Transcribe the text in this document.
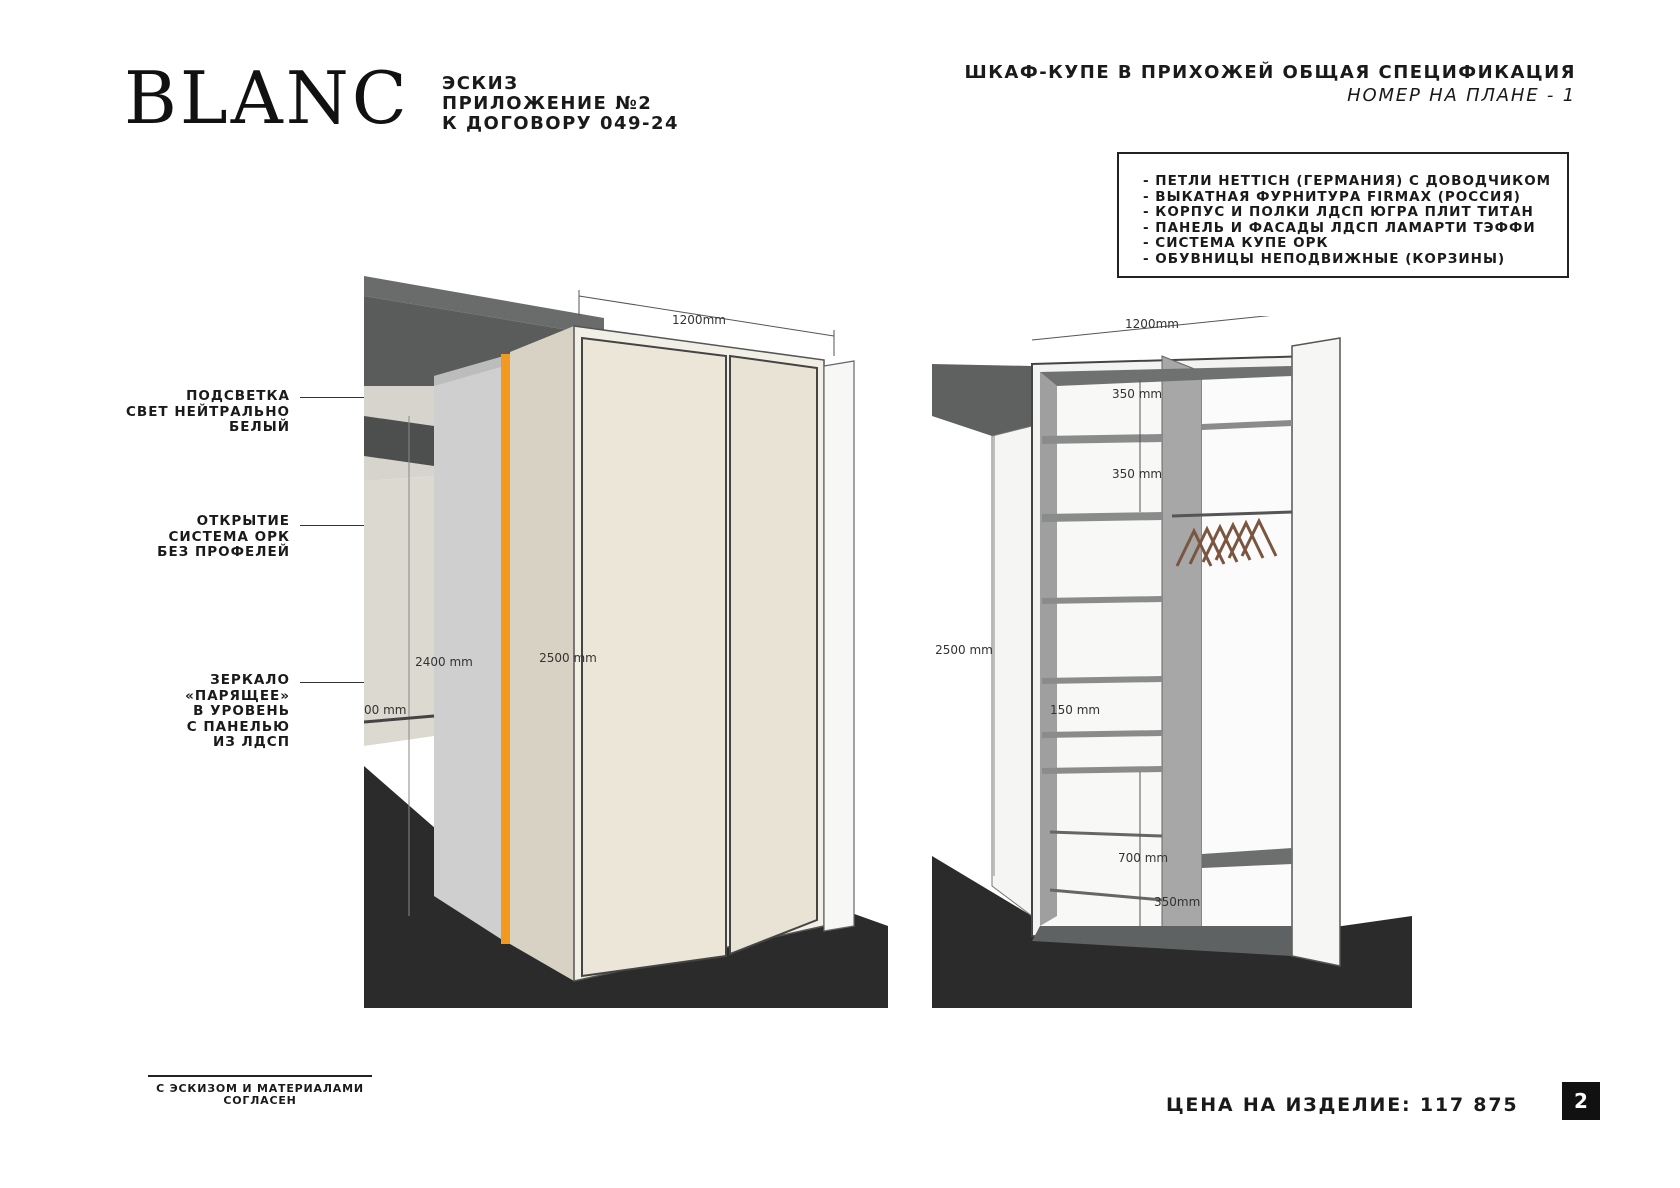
BLANC ЭСКИЗ
ПРИЛОЖЕНИЕ №2
К ДОГОВОРУ 049-24
ШКАФ-КУПЕ В ПРИХОЖЕЙ ОБЩАЯ СПЕЦИФИКАЦИЯ
НОМЕР НА ПЛАНЕ - 1
- ПЕТЛИ HETTICH (ГЕРМАНИЯ) С ДОВОДЧИКОМ
- ВЫКАТНАЯ ФУРНИТУРА FIRMAX (РОССИЯ)
- КОРПУС И ПОЛКИ ЛДСП ЮГРА ПЛИТ ТИТАН
- ПАНЕЛЬ И ФАСАДЫ ЛДСП ЛАМАРТИ ТЭФФИ
- СИСТЕМА КУПЕ ОРК
- ОБУВНИЦЫ НЕПОДВИЖНЫЕ (КОРЗИНЫ)
ПОДСВЕТКА
СВЕТ НЕЙТРАЛЬНО
БЕЛЫЙ
ОТКРЫТИЕ
СИСТЕМА ОРК
БЕЗ ПРОФЕЛЕЙ
ЗЕРКАЛО
«ПАРЯЩЕЕ»
В УРОВЕНЬ
С ПАНЕЛЬЮ
ИЗ ЛДСП
1200mm
2400 mm	2500 mm
00 mm
1200mm
2500 mm
350 mm
350 mm
150 mm
700 mm
350mm
С ЭСКИЗОМ И МАТЕРИАЛАМИ
СОГЛАСЕН	ЦЕНА НА ИЗДЕЛИЕ: 117 875	2
